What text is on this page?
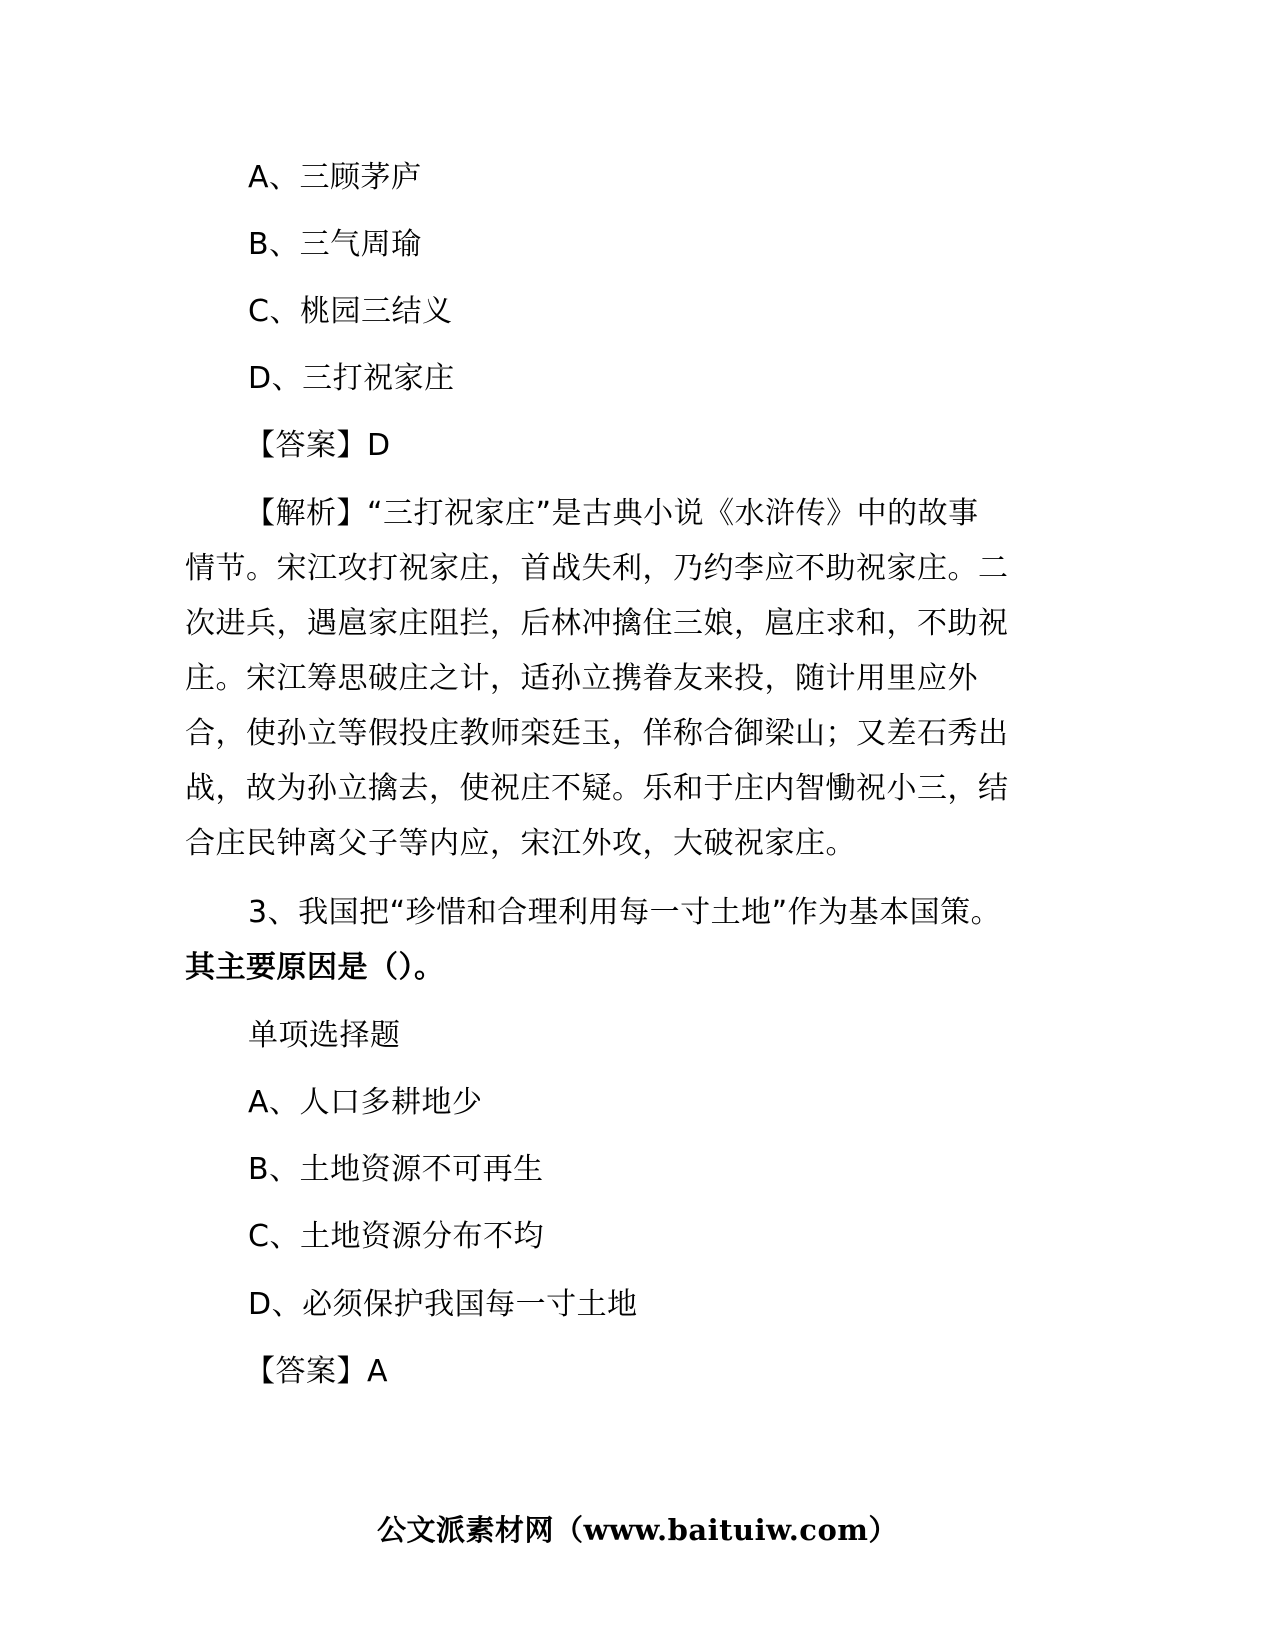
A、三顾茅庐
B、三气周瑜
C、桃园三结义
D、三打祝家庄
【答案】D
【解析】“三打祝家庄”是古典小说《水浒传》中的故事
情节。宋江攻打祝家庄，首战失利，乃约李应不助祝家庄。二
次进兵，遇扈家庄阻拦，后林冲擒住三娘，扈庄求和，不助祝
庄。宋江筹思破庄之计，适孙立携眷友来投，随计用里应外
合，使孙立等假投庄教师栾廷玉，佯称合御梁山；又差石秀出
战，故为孙立擒去，使祝庄不疑。乐和于庄内智慟祝小三，结
合庄民钟离父子等内应，宋江外攻，大破祝家庄。
3、我国把“珍惜和合理利用每一寸土地”作为基本国策。
其主要原因是（）。
单项选择题
A、人口多耕地少
B、土地资源不可再生
C、土地资源分布不均
D、必须保护我国每一寸土地
【答案】A
公文派素材网（www.baituiw.com）
